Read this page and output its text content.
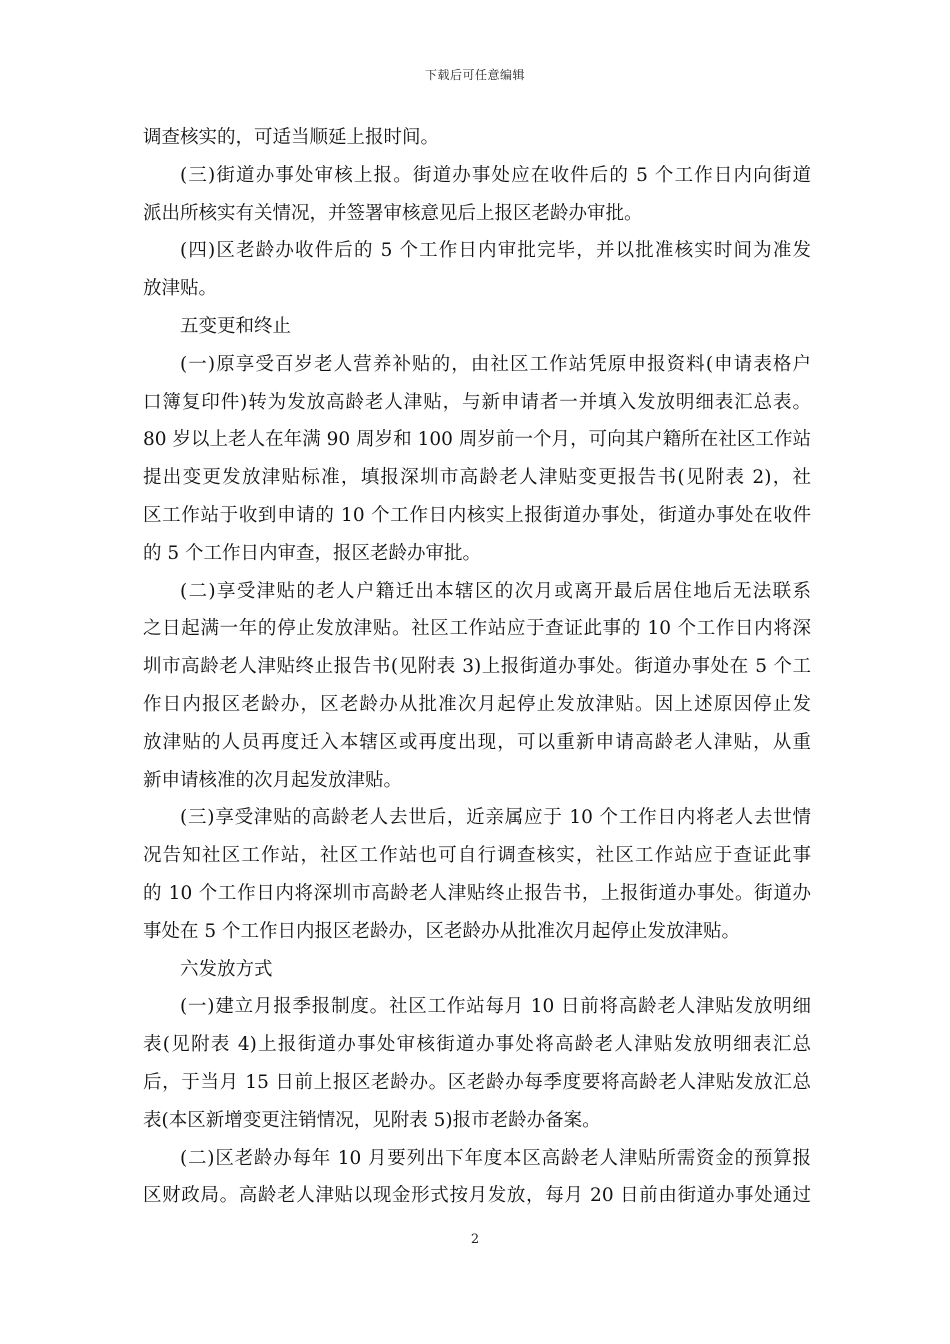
下载后可任意编辑
调查核实的，可适当顺延上报时间。
(三)街道办事处审核上报。街道办事处应在收件后的 5 个工作日内向街道
派出所核实有关情况，并签署审核意见后上报区老龄办审批。
(四)区老龄办收件后的 5 个工作日内审批完毕，并以批准核实时间为准发
放津贴。
五变更和终止
(一)原享受百岁老人营养补贴的，由社区工作站凭原申报资料(申请表格户
口簿复印件)转为发放高龄老人津贴，与新申请者一并填入发放明细表汇总表。
80 岁以上老人在年满 90 周岁和 100 周岁前一个月，可向其户籍所在社区工作站
提出变更发放津贴标准，填报深圳市高龄老人津贴变更报告书(见附表 2)，社
区工作站于收到申请的 10 个工作日内核实上报街道办事处，街道办事处在收件
的 5 个工作日内审查，报区老龄办审批。
(二)享受津贴的老人户籍迁出本辖区的次月或离开最后居住地后无法联系
之日起满一年的停止发放津贴。社区工作站应于查证此事的 10 个工作日内将深
圳市高龄老人津贴终止报告书(见附表 3)上报街道办事处。街道办事处在 5 个工
作日内报区老龄办，区老龄办从批准次月起停止发放津贴。因上述原因停止发
放津贴的人员再度迁入本辖区或再度出现，可以重新申请高龄老人津贴，从重
新申请核准的次月起发放津贴。
(三)享受津贴的高龄老人去世后，近亲属应于 10 个工作日内将老人去世情
况告知社区工作站，社区工作站也可自行调查核实，社区工作站应于查证此事
的 10 个工作日内将深圳市高龄老人津贴终止报告书，上报街道办事处。街道办
事处在 5 个工作日内报区老龄办，区老龄办从批准次月起停止发放津贴。
六发放方式
(一)建立月报季报制度。社区工作站每月 10 日前将高龄老人津贴发放明细
表(见附表 4)上报街道办事处审核街道办事处将高龄老人津贴发放明细表汇总
后，于当月 15 日前上报区老龄办。区老龄办每季度要将高龄老人津贴发放汇总
表(本区新增变更注销情况，见附表 5)报市老龄办备案。
(二)区老龄办每年 10 月要列出下年度本区高龄老人津贴所需资金的预算报
区财政局。高龄老人津贴以现金形式按月发放，每月 20 日前由街道办事处通过
2
